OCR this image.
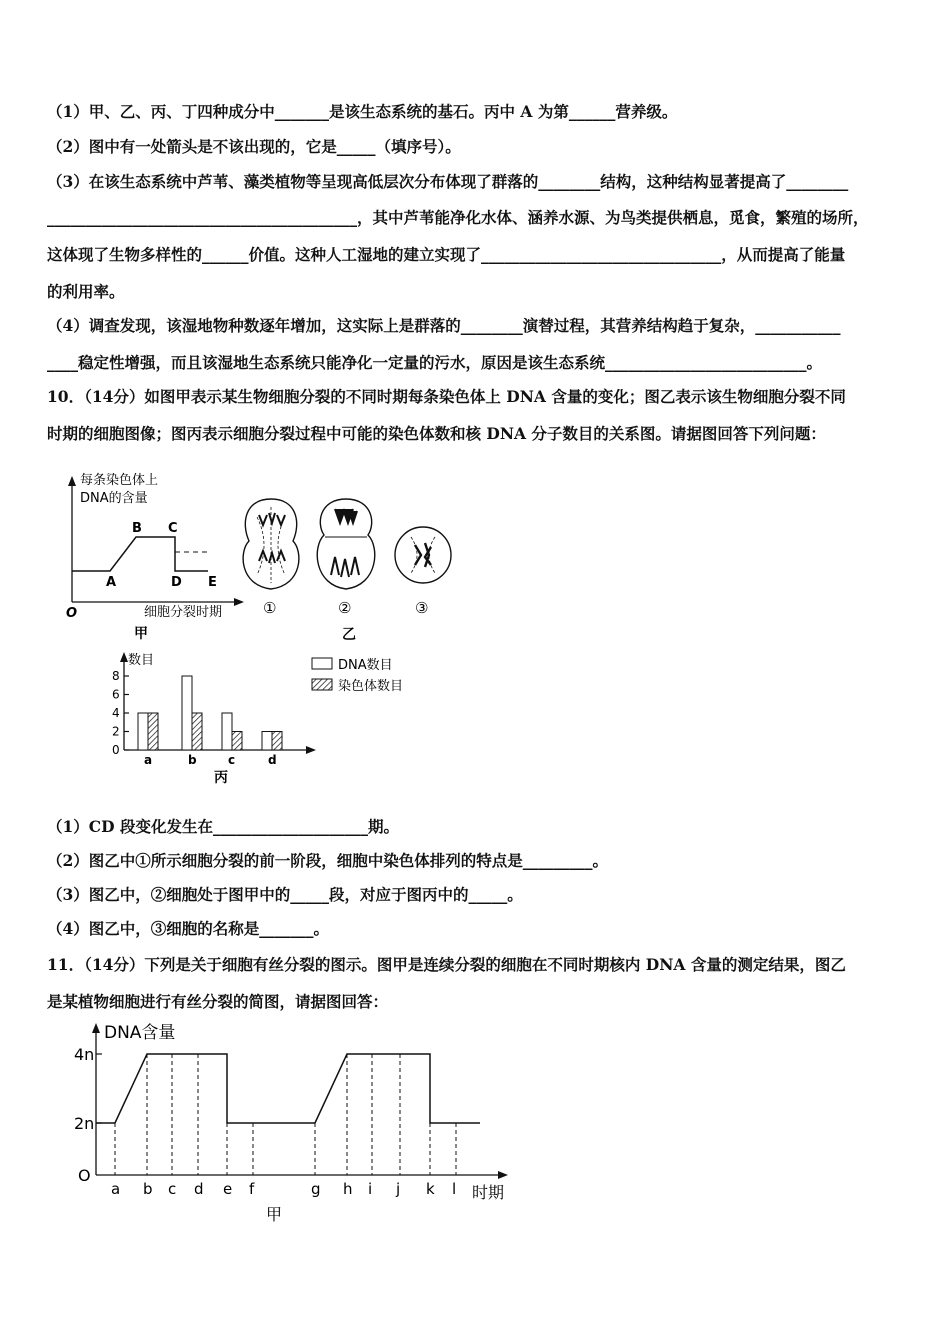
（1）甲、乙、丙、丁四种成分中_______是该生态系统的基石。丙中 A 为第______营养级。
（2）图中有一处箭头是不该出现的，它是_____（填序号）。
（3）在该生态系统中芦苇、藻类植物等呈现高低层次分布体现了群落的________结构，这种结构显著提高了________
________________________________________，其中芦苇能净化水体、涵养水源、为鸟类提供栖息，觅食，繁殖的场所，
这体现了生物多样性的______价值。这种人工湿地的建立实现了_______________________________，从而提高了能量
的利用率。
（4）调查发现，该湿地物种数逐年增加，这实际上是群落的________演替过程，其营养结构趋于复杂，___________
____稳定性增强，而且该湿地生态系统只能净化一定量的污水，原因是该生态系统__________________________。
10．（14分）如图甲表示某生物细胞分裂的不同时期每条染色体上 DNA 含量的变化；图乙表示该生物细胞分裂不同
时期的细胞图像；图丙表示细胞分裂过程中可能的染色体数和核 DNA 分子数目的关系图。请据图回答下列问题：
每条染色体上
DNA的含量
O
A
B C
D E
细胞分裂时期
甲
①	②	③
乙
数目
0
2
4
6
8
a	b	c	d
DNA数目
染色体数目
丙
（1）CD 段变化发生在____________________期。
（2）图乙中①所示细胞分裂的前一阶段，细胞中染色体排列的特点是_________。
（3）图乙中，②细胞处于图甲中的_____段，对应于图丙中的_____。
（4）图乙中，③细胞的名称是_______。
11．（14分）下列是关于细胞有丝分裂的图示。图甲是连续分裂的细胞在不同时期核内 DNA 含量的测定结果，图乙
是某植物细胞进行有丝分裂的简图，请据图回答：
DNA含量
4n
2n
O
a b c d e f	g h i j k l 时期
甲
